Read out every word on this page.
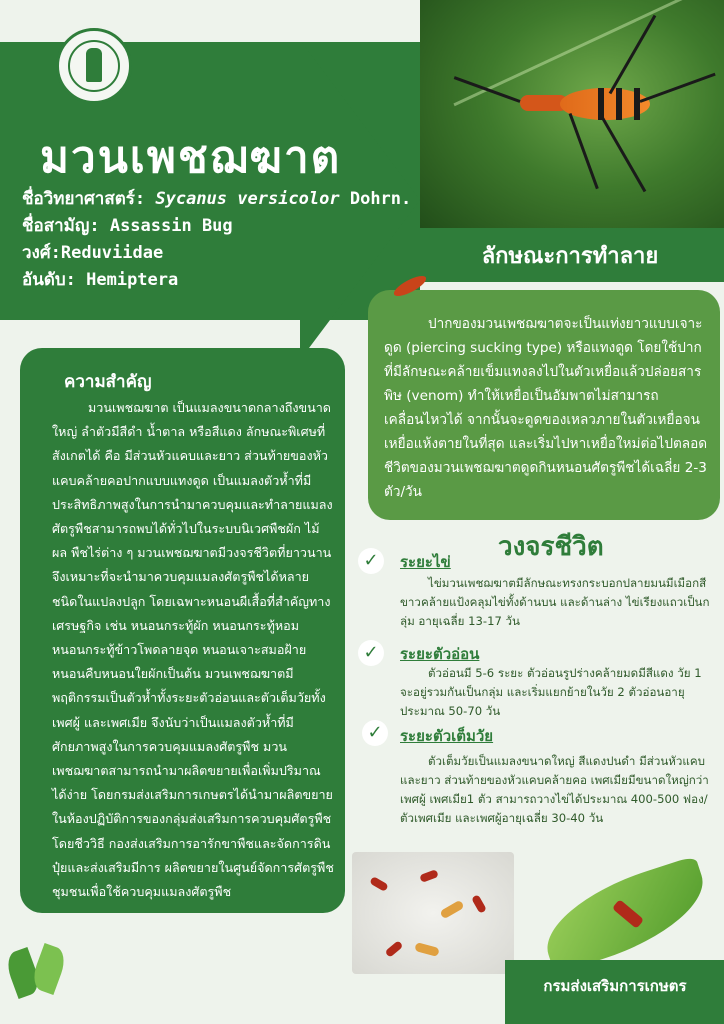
มวนเพชฌฆาต
ชื่อวิทยาศาสตร์: Sycanus versicolor Dohrn.
ชื่อสามัญ: Assassin Bug
วงศ์:Reduviidae
อันดับ: Hemiptera
ลักษณะการทำลาย
ปากของมวนเพชฌฆาตจะเป็นแท่งยาวแบบเจาะดูด (piercing sucking type) หรือแทงดูด โดยใช้ปากที่มีลักษณะคล้ายเข็มแทงลงไปในตัวเหยื่อแล้วปล่อยสารพิษ (venom) ทำให้เหยื่อเป็นอัมพาตไม่สามารถเคลื่อนไหวได้ จากนั้นจะดูดของเหลวภายในตัวเหยื่อจนเหยื่อแห้งตายในที่สุด และเริ่มไปหาเหยื่อใหม่ต่อไปตลอดชีวิตของมวนเพชฌฆาตดูดกินหนอนศัตรูพืชได้เฉลี่ย 2-3 ตัว/วัน
ความสำคัญ
มวนเพชฌฆาต เป็นแมลงขนาดกลางถึงขนาดใหญ่ ลำตัวมีสีดำ น้ำตาล หรือสีแดง ลักษณะพิเศษที่สังเกตได้ คือ มีส่วนหัวแคบและยาว ส่วนท้ายของหัวแคบคล้ายคอปากแบบแทงดูด เป็นแมลงตัวห้ำที่มีประสิทธิภาพสูงในการนำมาควบคุมและทำลายแมลงศัตรูพืชสามารถพบได้ทั่วไปในระบบนิเวศพืชผัก ไม้ผล พืชไร่ต่าง ๆ มวนเพชฌฆาตมีวงจรชีวิตที่ยาวนานจึงเหมาะที่จะนำมาควบคุมแมลงศัตรูพืชได้หลายชนิดในแปลงปลูก โดยเฉพาะหนอนผีเสื้อที่สำคัญทางเศรษฐกิจ เช่น หนอนกระทู้ผัก หนอนกระทู้หอม หนอนกระทู้ข้าวโพดลายจุด หนอนเจาะสมอฝ้ายหนอนคืบหนอนใยผักเป็นต้น มวนเพชฌฆาตมีพฤติกรรมเป็นตัวห้ำทั้งระยะตัวอ่อนและตัวเต็มวัยทั้งเพศผู้ และเพศเมีย จึงนับว่าเป็นแมลงตัวห้ำที่มีศักยภาพสูงในการควบคุมแมลงศัตรูพืช มวนเพชฌฆาตสามารถนำมาผลิตขยายเพื่อเพิ่มปริมาณได้ง่าย โดยกรมส่งเสริมการเกษตรได้นำมาผลิตขยายในห้องปฏิบัติการของกลุ่มส่งเสริมการควบคุมศัตรูพืชโดยชีววิธี กองส่งเสริมการอารักขาพืชและจัดการดินปุ๋ยและส่งเสริมมีการ ผลิตขยายในศูนย์จัดการศัตรูพืชชุมชนเพื่อใช้ควบคุมแมลงศัตรูพืช
วงจรชีวิต
✓	ระยะไข่
ไข่มวนเพชฌฆาตมีลักษณะทรงกระบอกปลายมนมีเมือกสีขาวคล้ายแป้งคลุมไข่ทั้งด้านบน และด้านล่าง ไข่เรียงแถวเป็นกลุ่ม อายุเฉลี่ย 13-17 วัน
✓	ระยะตัวอ่อน
ตัวอ่อนมี 5-6 ระยะ ตัวอ่อนรูปร่างคล้ายมดมีสีแดง วัย 1 จะอยู่รวมกันเป็นกลุ่ม และเริ่มแยกย้ายในวัย 2 ตัวอ่อนอายุประมาณ 50-70 วัน
✓	ระยะตัวเต็มวัย
ตัวเต็มวัยเป็นแมลงขนาดใหญ่ สีแดงปนดำ มีส่วนหัวแคบและยาว ส่วนท้ายของหัวแคบคล้ายคอ เพศเมียมีขนาดใหญ่กว่าเพศผู้ เพศเมีย1 ตัว สามารถวางไข่ได้ประมาณ 400-500 ฟอง/ตัวเพศเมีย และเพศผู้อายุเฉลี่ย 30-40 วัน
กรมส่งเสริมการเกษตร
